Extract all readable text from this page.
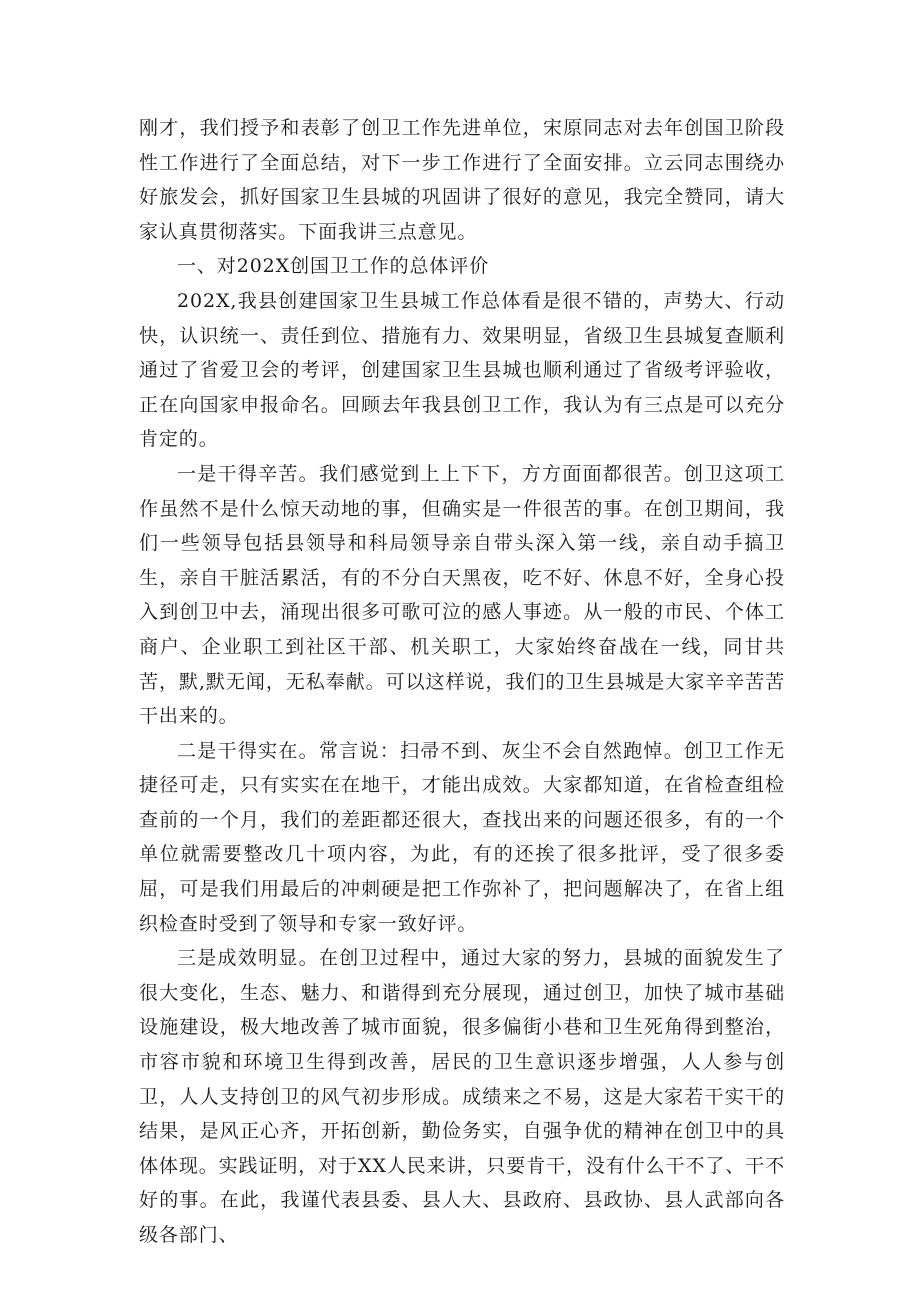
刚才，我们授予和表彰了创卫工作先进单位，宋原同志对去年创国卫阶段性工作进行了全面总结，对下一步工作进行了全面安排。立云同志围绕办好旅发会，抓好国家卫生县城的巩固讲了很好的意见，我完全赞同，请大家认真贯彻落实。下面我讲三点意见。

一、对202X创国卫工作的总体评价

202X,我县创建国家卫生县城工作总体看是很不错的，声势大、行动快，认识统一、责任到位、措施有力、效果明显，省级卫生县城复查顺利通过了省爱卫会的考评，创建国家卫生县城也顺利通过了省级考评验收，正在向国家申报命名。回顾去年我县创卫工作，我认为有三点是可以充分肯定的。

一是干得辛苦。我们感觉到上上下下，方方面面都很苦。创卫这项工作虽然不是什么惊天动地的事，但确实是一件很苦的事。在创卫期间，我们一些领导包括县领导和科局领导亲自带头深入第一线，亲自动手搞卫生，亲自干脏活累活，有的不分白天黑夜，吃不好、休息不好，全身心投入到创卫中去，涌现出很多可歌可泣的感人事迹。从一般的市民、个体工商户、企业职工到社区干部、机关职工，大家始终奋战在一线，同甘共苦，默,默无闻，无私奉献。可以这样说，我们的卫生县城是大家辛辛苦苦干出来的。

二是干得实在。常言说：扫帚不到、灰尘不会自然跑悼。创卫工作无捷径可走，只有实实在在地干，才能出成效。大家都知道，在省检查组检查前的一个月，我们的差距都还很大，查找出来的问题还很多，有的一个单位就需要整改几十项内容，为此，有的还挨了很多批评，受了很多委屈，可是我们用最后的冲刺硬是把工作弥补了，把问题解决了，在省上组织检查时受到了领导和专家一致好评。

三是成效明显。在创卫过程中，通过大家的努力，县城的面貌发生了很大变化，生态、魅力、和谐得到充分展现，通过创卫，加快了城市基础设施建设，极大地改善了城市面貌，很多偏街小巷和卫生死角得到整治，市容市貌和环境卫生得到改善，居民的卫生意识逐步增强，人人参与创卫，人人支持创卫的风气初步形成。成绩来之不易，这是大家若干实干的结果，是风正心齐，开拓创新，勤俭务实，自强争优的精神在创卫中的具体体现。实践证明，对于XX人民来讲，只要肯干，没有什么干不了、干不好的事。在此，我谨代表县委、县人大、县政府、县政协、县人武部向各级各部门、
